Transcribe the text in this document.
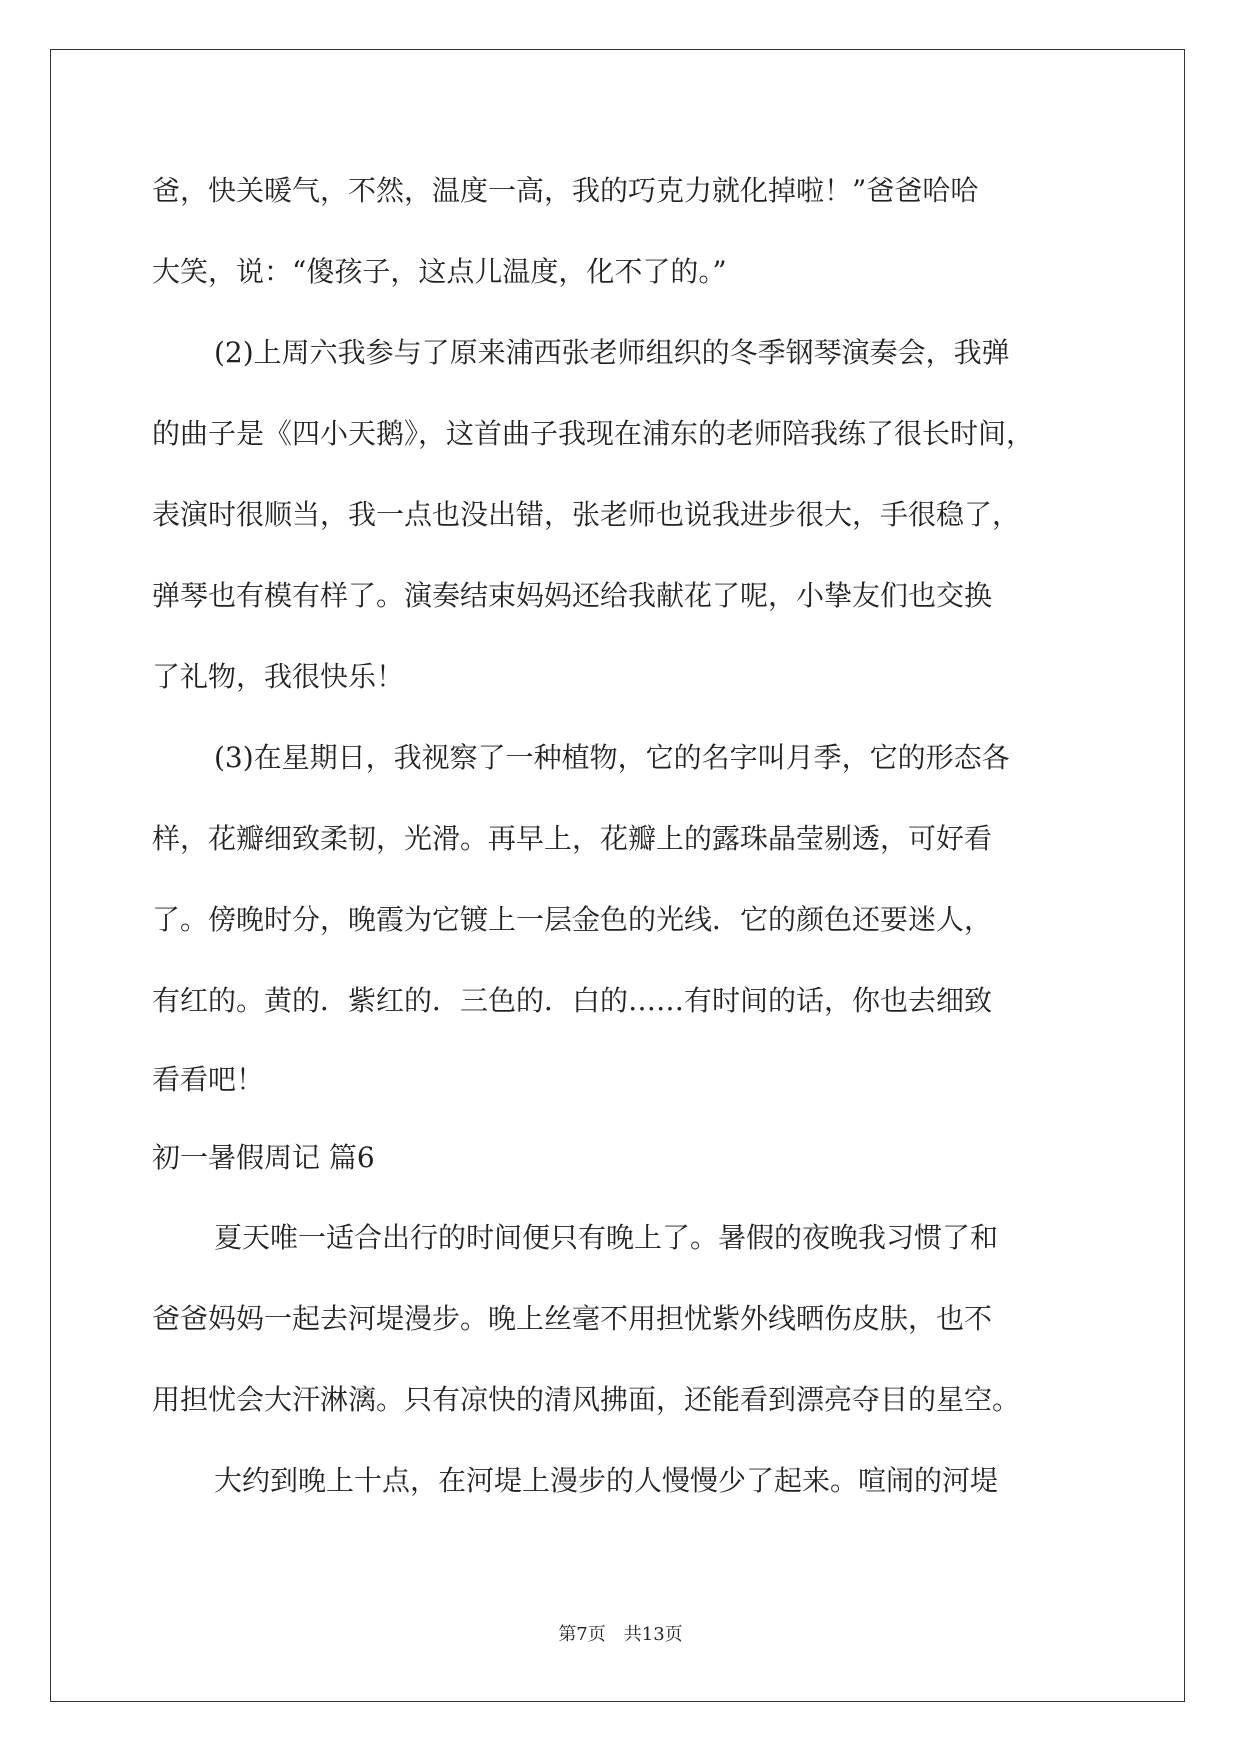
爸，快关暖气，不然，温度一高，我的巧克力就化掉啦！”爸爸哈哈

大笑，说：“傻孩子，这点儿温度，化不了的。”

(2)上周六我参与了原来浦西张老师组织的冬季钢琴演奏会，我弹

的曲子是《四小天鹅》，这首曲子我现在浦东的老师陪我练了很长时间，

表演时很顺当，我一点也没出错，张老师也说我进步很大，手很稳了，

弹琴也有模有样了。演奏结束妈妈还给我献花了呢，小挚友们也交换

了礼物，我很快乐！

(3)在星期日，我视察了一种植物，它的名字叫月季，它的形态各

样，花瓣细致柔韧，光滑。再早上，花瓣上的露珠晶莹剔透，可好看

了。傍晚时分，晚霞为它镀上一层金色的光线．它的颜色还要迷人，

有红的。黄的．紫红的．三色的．白的……有时间的话，你也去细致

看看吧！

初一暑假周记 篇6

夏天唯一适合出行的时间便只有晚上了。暑假的夜晚我习惯了和

爸爸妈妈一起去河堤漫步。晚上丝毫不用担忧紫外线晒伤皮肤，也不

用担忧会大汗淋漓。只有凉快的清风拂面，还能看到漂亮夺目的星空。

大约到晚上十点，在河堤上漫步的人慢慢少了起来。喧闹的河堤

第7页　共13页
